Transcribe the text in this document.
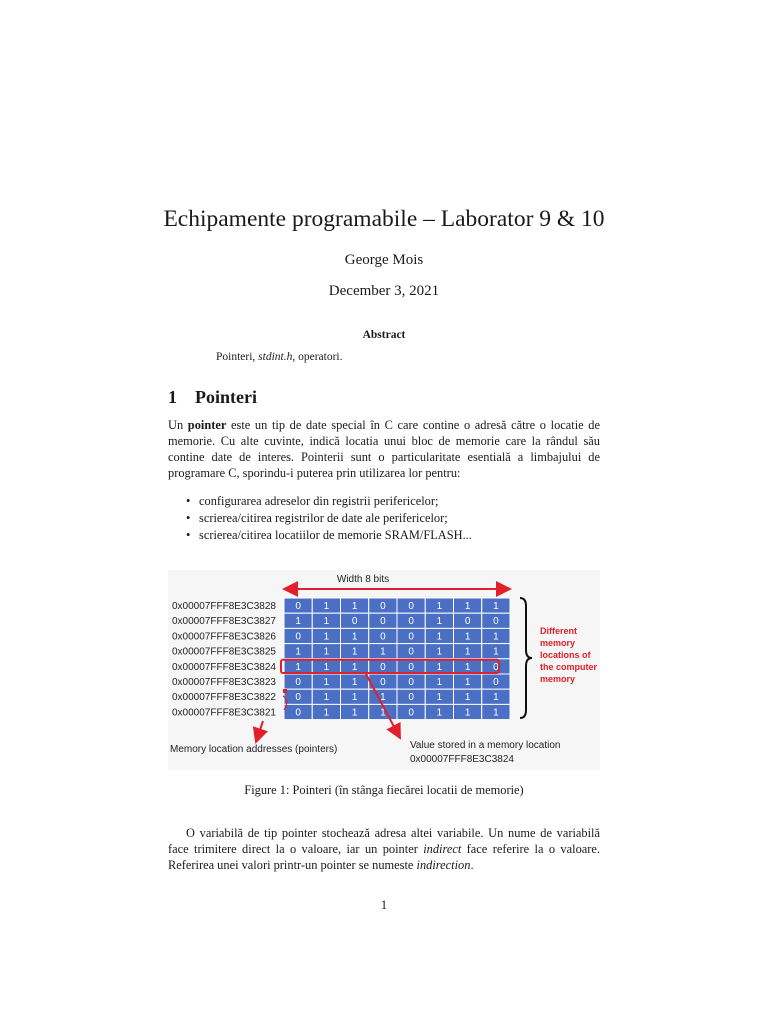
Echipamente programabile – Laborator 9 & 10
George Mois
December 3, 2021
Abstract
Pointeri, stdint.h, operatori.
1 Pointeri
Un pointer este un tip de date special în C care contine o adresă către o locatie de memorie. Cu alte cuvinte, indică locatia unui bloc de memorie care la rândul său contine date de interes. Pointerii sunt o particularitate esentială a limbajului de programare C, sporindu-i puterea prin utilizarea lor pentru:
• configurarea adreselor din registrii perifericelor;
• scrierea/citirea registrilor de date ale perifericelor;
• scrierea/citirea locatiilor de memorie SRAM/FLASH...
Width 8 bits
0x00007FFF8E3C3828
0x00007FFF8E3C3827
0x00007FFF8E3C3826
0x00007FFF8E3C3825
0x00007FFF8E3C3824
0x00007FFF8E3C3823
0x00007FFF8E3C3822
0x00007FFF8E3C3821
0 1 1 0 0 1 1 1
1 1 0 0 0 1 0 0
0 1 1 0 0 1 1 1
1 1 1 1 0 1 1 1
1 1 1 0 0 1 1 0
0 1 1 0 0 1 1 0
0 1 1 1 0 1 1 1
0 1 1 1 0 1 1 1
Different
memory
locations of
the computer
memory
Memory location addresses (pointers)	Value stored in a memory location
0x00007FFF8E3C3824
Figure 1: Pointeri (în stânga fiecărei locatii de memorie)
O variabilă de tip pointer stochează adresa altei variabile. Un nume de variabilă face trimitere direct la o valoare, iar un pointer indirect face referire la o valoare. Referirea unei valori printr-un pointer se numeste indirection.
1
